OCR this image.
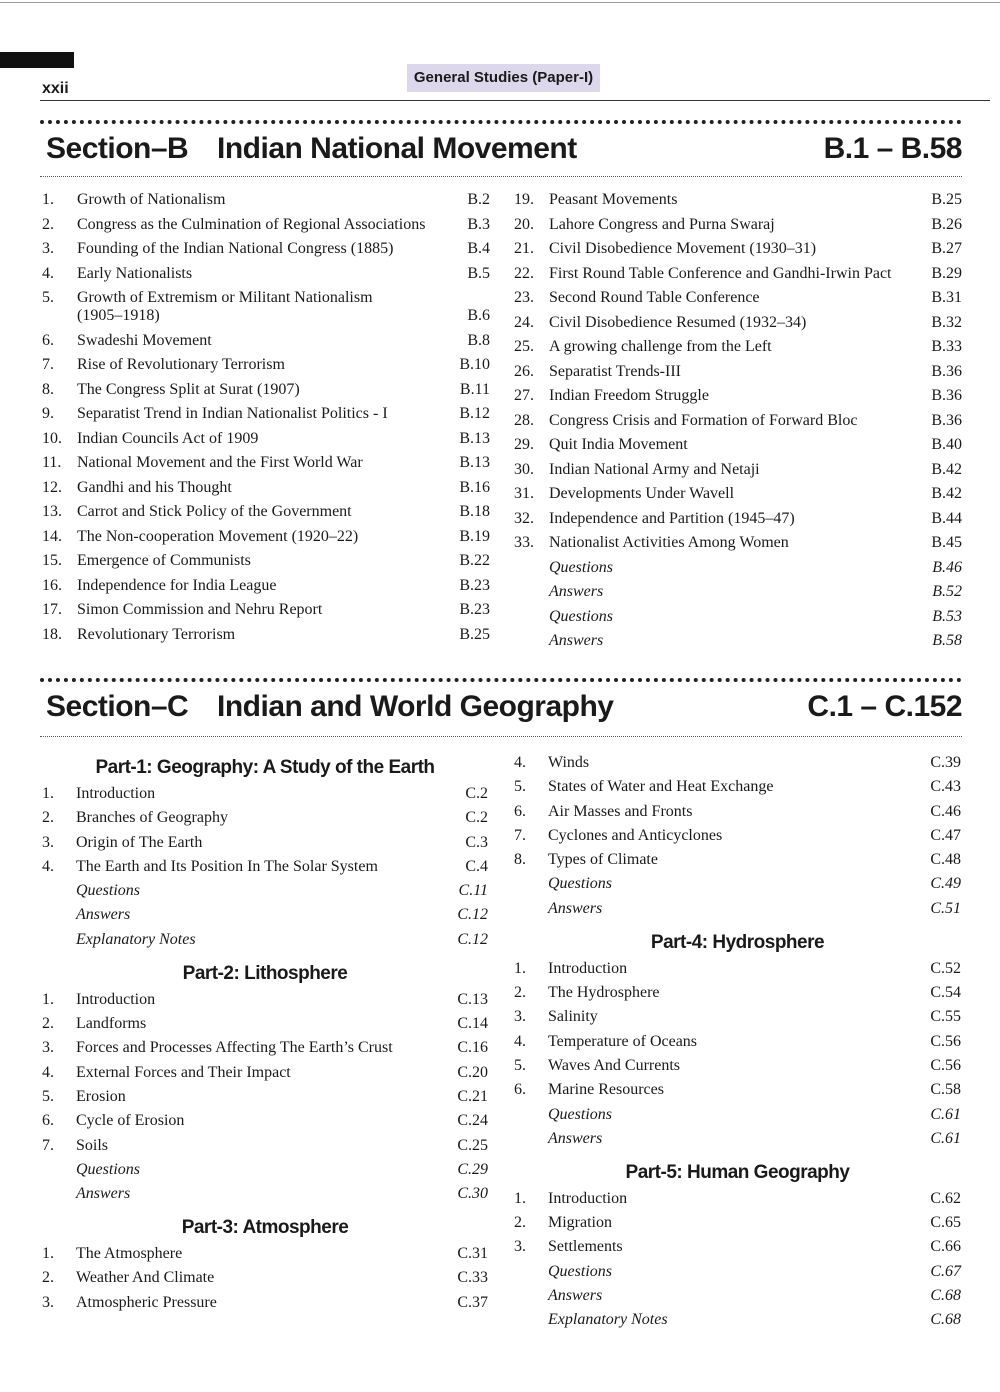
xxii
General Studies (Paper-I)
Section–B Indian National Movement	B.1 – B.58
1. Growth of Nationalism	B.2
2. Congress as the Culmination of Regional Associations	B.3
3. Founding of the Indian National Congress (1885)	B.4
4. Early Nationalists	B.5
5. Growth of Extremism or Militant Nationalism
(1905–1918)	B.6
6. Swadeshi Movement	B.8
7. Rise of Revolutionary Terrorism	B.10
8. The Congress Split at Surat (1907)	B.11
9. Separatist Trend in Indian Nationalist Politics - I	B.12
10. Indian Councils Act of 1909	B.13
11. National Movement and the First World War	B.13
12. Gandhi and his Thought	B.16
13. Carrot and Stick Policy of the Government	B.18
14. The Non-cooperation Movement (1920–22)	B.19
15. Emergence of Communists	B.22
16. Independence for India League	B.23
17. Simon Commission and Nehru Report	B.23
18. Revolutionary Terrorism	B.25
19. Peasant Movements	B.25
20. Lahore Congress and Purna Swaraj	B.26
21. Civil Disobedience Movement (1930–31)	B.27
22. First Round Table Conference and Gandhi-Irwin Pact	B.29
23. Second Round Table Conference	B.31
24. Civil Disobedience Resumed (1932–34)	B.32
25. A growing challenge from the Left	B.33
26. Separatist Trends-III	B.36
27. Indian Freedom Struggle	B.36
28. Congress Crisis and Formation of Forward Bloc	B.36
29. Quit India Movement	B.40
30. Indian National Army and Netaji	B.42
31. Developments Under Wavell	B.42
32. Independence and Partition (1945–47)	B.44
33. Nationalist Activities Among Women	B.45
Questions	B.46
Answers	B.52
Questions	B.53
Answers	B.58
Section–C Indian and World Geography	C.1 – C.152
Part-1: Geography: A Study of the Earth
1. Introduction	C.2
2. Branches of Geography	C.2
3. Origin of The Earth	C.3
4. The Earth and Its Position In The Solar System	C.4
Questions	C.11
Answers	C.12
Explanatory Notes	C.12
Part-2: Lithosphere
1. Introduction	C.13
2. Landforms	C.14
3. Forces and Processes Affecting The Earth’s Crust	C.16
4. External Forces and Their Impact	C.20
5. Erosion	C.21
6. Cycle of Erosion	C.24
7. Soils	C.25
Questions	C.29
Answers	C.30
Part-3: Atmosphere
1. The Atmosphere	C.31
2. Weather And Climate	C.33
3. Atmospheric Pressure	C.37
4. Winds	C.39
5. States of Water and Heat Exchange	C.43
6. Air Masses and Fronts	C.46
7. Cyclones and Anticyclones	C.47
8. Types of Climate	C.48
Questions	C.49
Answers	C.51
Part-4: Hydrosphere
1. Introduction	C.52
2. The Hydrosphere	C.54
3. Salinity	C.55
4. Temperature of Oceans	C.56
5. Waves And Currents	C.56
6. Marine Resources	C.58
Questions	C.61
Answers	C.61
Part-5: Human Geography
1. Introduction	C.62
2. Migration	C.65
3. Settlements	C.66
Questions	C.67
Answers	C.68
Explanatory Notes	C.68
